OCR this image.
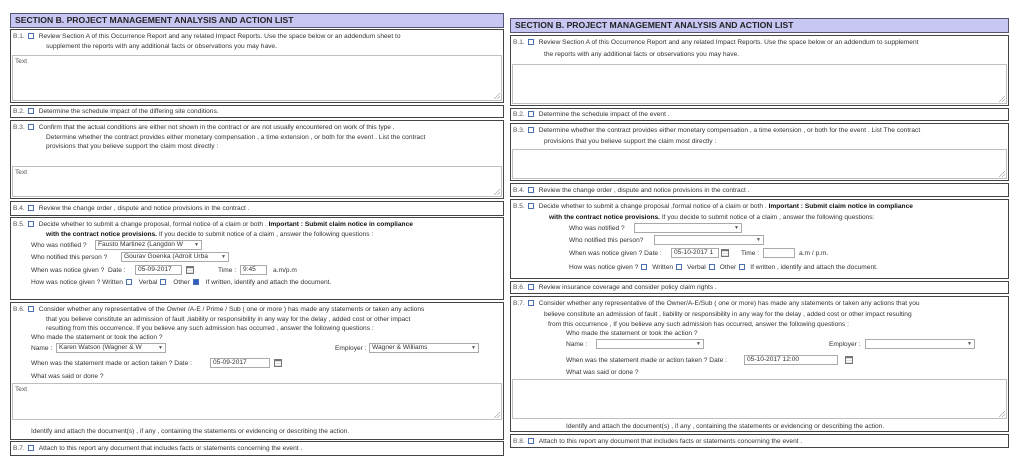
SECTION B. PROJECT MANAGEMENT ANALYSIS AND ACTION LIST
B.1. Review Section A of this Occurrence Report and any related Impact Reports. Use the space below or an addendum sheet to
supplement the reports with any additional facts or observations you may have.
Text
B.2. Determine the schedule impact of the differing site conditions.
B.3. Confirm that the actual conditions are either not shown in the contract or are not usually encountered on work of this type .
Determine whether the contract provides either monetary compensation , a time extension , or both for the event . List the contract
provisions that you believe support the claim most directly :
Text
B.4. Review the change order , dispute and notice provisions in the contract .
B.5. Decide whether to submit a change proposal, formal notice of a claim or both . Important : Submit claim notice in compliance
with the contract notice provisions. If you decide to submit notice of a claim , answer the following questions :
Who was notified ?	Fausto Martinez (Langdon W ▼
Who notified this person ?	Gourav Goenka (Adroit Urba	▼
When was notice given ? Date :	05-09-2017	Time :	9:45	a.m/p.m
How was notice given ? Written Verbal Other If written, identify and attach the document.
B.6. Consider whether any representative of the Owner /A-E / Prime / Sub ( one or more ) has made any statements or taken any actions
that you believe constitute an admission of fault ,liability or responsibility in any way for the delay , added cost or other impact
resulting from this occurrence. If you believe any such admission has occurred , answer the following questions :
Who made the statement or took the action ?
Name :	Karen Watson (Wagner & W	▼	Employer : Wagner & Williams	▼
When was the statement made or action taken ? Date :	05-09-2017
What was said or done ?
Text
Identify and attach the document(s) , if any , containing the statements or evidencing or describing the action.
B.7. Attach to this report any document that includes facts or statements concerning the event .
SECTION B. PROJECT MANAGEMENT ANALYSIS AND ACTION LIST
B.1. Review Section A of this Occurrence Report and any related Impact Reports. Use the space below or an addendum to supplement
the reports with any additional facts or observations you may have.
B.2. Determine the schedule impact of the event .
B.3. Determine whether the contract provides either monetary compensation , a time extension , or both for the event . List The contract
provisions that you believe support the claim most directly :
B.4. Review the change order , dispute and notice provisions in the contract .
B.5. Decide whether to submit a change proposal ,formal notice of a claim or both . Important : Submit claim notice in compliance
with the contract notice provisions. If you decide to submit notice of a claim , answer the following questions:
Who was notified ?	▼
Who notified this person?	▼
When was notice given ? Date :	05-10-2017 1	Time :	a.m / p.m.
How was notice given ? Written Verbal Other If written , identify and attach the document.
B.6. Review insurance coverage and consider policy claim rights .
B.7. Consider whether any representative of the Owner/A-E/Sub ( one or more) has made any statements or taken any actions that you
believe constitute an admission of fault , liability or responsibility in any way for the delay , added cost or other impact resulting
from this occurrence , If you believe any such admission has occurred, answer the following questions :
Who made the statement or took the action ?
Name :	▼	Employer :	▼
When was the statement made or action taken ? Date :	05-10-2017 12:00
What was said or done ?
Identify and attach the document(s) , if any , containing the statements or evidencing or describing the action.
B.8. Attach to this report any document that includes facts or statements concerning the event .
